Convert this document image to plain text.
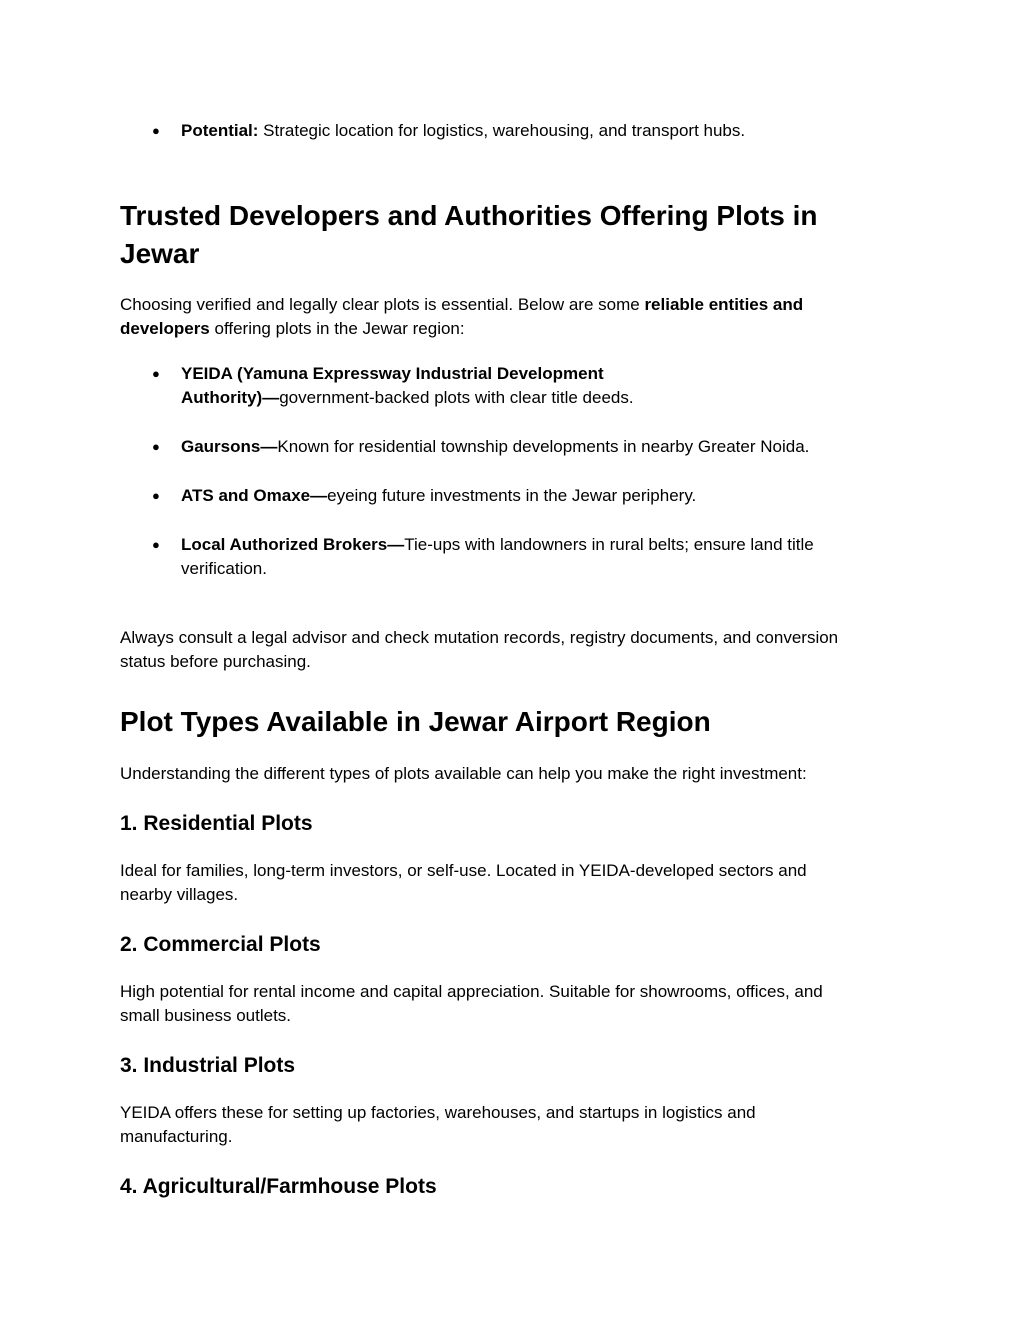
● Potential: Strategic location for logistics, warehousing, and transport hubs.
Trusted Developers and Authorities Offering Plots in
Jewar
Choosing verified and legally clear plots is essential. Below are some reliable entities and
developers offering plots in the Jewar region:
● YEIDA (Yamuna Expressway Industrial Development
Authority)—government-backed plots with clear title deeds.
● Gaursons—Known for residential township developments in nearby Greater Noida.
● ATS and Omaxe—eyeing future investments in the Jewar periphery.
● Local Authorized Brokers—Tie-ups with landowners in rural belts; ensure land title
verification.
Always consult a legal advisor and check mutation records, registry documents, and conversion
status before purchasing.
Plot Types Available in Jewar Airport Region
Understanding the different types of plots available can help you make the right investment:
1. Residential Plots
Ideal for families, long-term investors, or self-use. Located in YEIDA-developed sectors and
nearby villages.
2. Commercial Plots
High potential for rental income and capital appreciation. Suitable for showrooms, offices, and
small business outlets.
3. Industrial Plots
YEIDA offers these for setting up factories, warehouses, and startups in logistics and
manufacturing.
4. Agricultural/Farmhouse Plots
